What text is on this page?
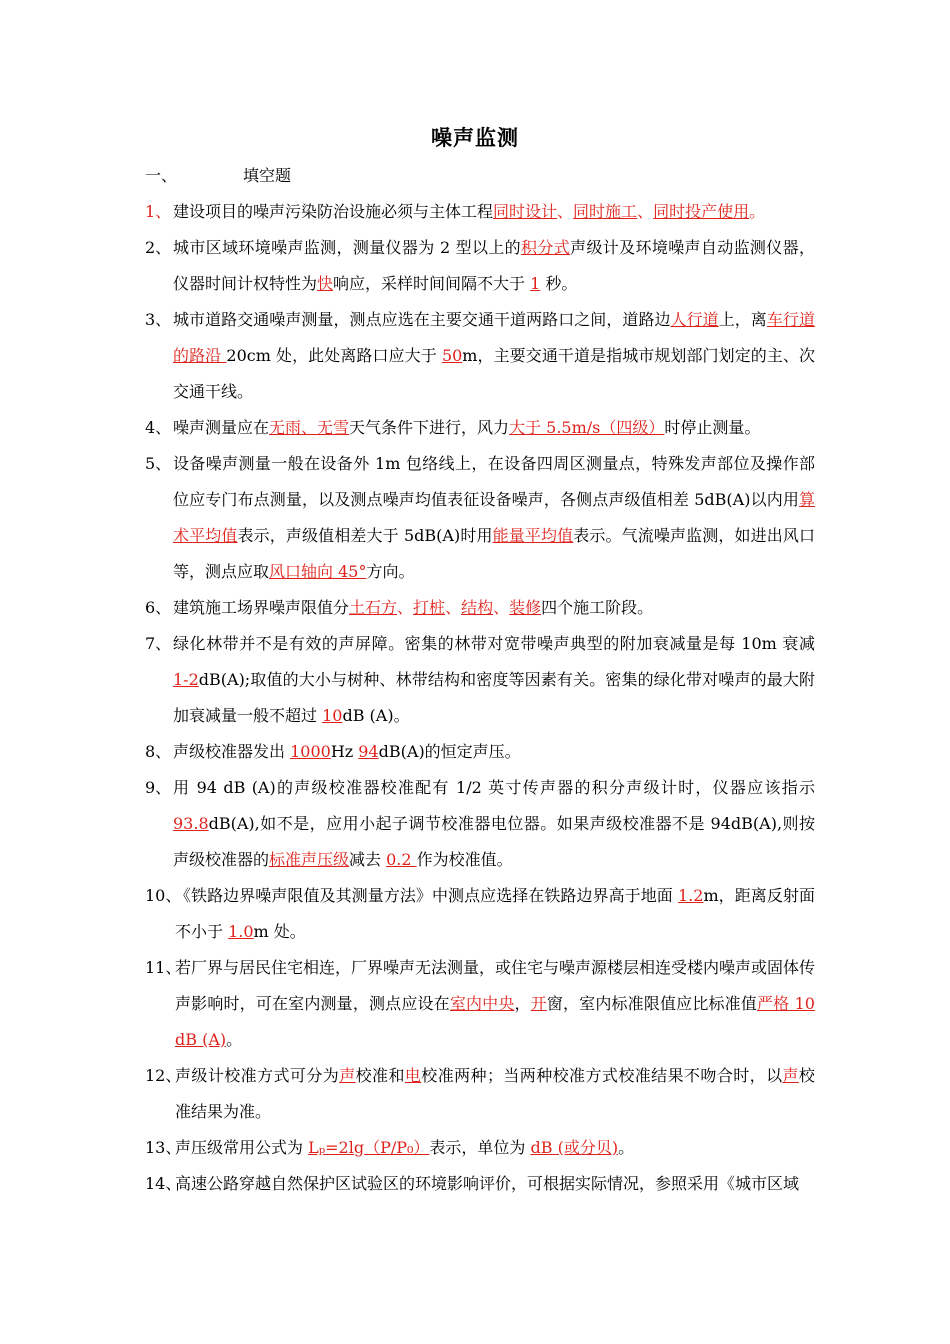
噪声监测
一、	填空题
1、 建设项目的噪声污染防治设施必须与主体工程同时设计、同时施工、同时投产使用。
2、 城市区域环境噪声监测，测量仪器为 2 型以上的积分式声级计及环境噪声自动监测仪器，仪器时间计权特性为快响应，采样时间间隔不大于 1 秒。
3、 城市道路交通噪声测量，测点应选在主要交通干道两路口之间，道路边人行道上，离车行道的路沿 20cm 处，此处离路口应大于 50m，主要交通干道是指城市规划部门划定的主、次交通干线。
4、 噪声测量应在无雨、无雪天气条件下进行，风力大于 5.5m/s（四级）时停止测量。
5、 设备噪声测量一般在设备外 1m 包络线上，在设备四周区测量点，特殊发声部位及操作部位应专门布点测量，以及测点噪声均值表征设备噪声，各侧点声级值相差 5dB(A)以内用算术平均值表示，声级值相差大于 5dB(A)时用能量平均值表示。气流噪声监测，如进出风口等，测点应取风口轴向 45°方向。
6、 建筑施工场界噪声限值分土石方、打桩、结构、装修四个施工阶段。
7、 绿化林带并不是有效的声屏障。密集的林带对宽带噪声典型的附加衰减量是每 10m 衰减 1-2dB(A);取值的大小与树种、林带结构和密度等因素有关。密集的绿化带对噪声的最大附加衰减量一般不超过 10dB (A)。
8、 声级校准器发出 1000Hz 94dB(A)的恒定声压。
9、 用 94 dB (A)的声级校准器校准配有 1/2 英寸传声器的积分声级计时，仪器应该指示 93.8dB(A),如不是，应用小起子调节校准器电位器。如果声级校准器不是 94dB(A),则按声级校准器的标准声压级减去 0.2 作为校准值。
10、
《铁路边界噪声限值及其测量方法》中测点应选择在铁路边界高于地面 1.2m，距离反射面不小于 1.0m 处。
11、
若厂界与居民住宅相连，厂界噪声无法测量，或住宅与噪声源楼层相连受楼内噪声或固体传声影响时，可在室内测量，测点应设在室内中央，开窗，室内标准限值应比标准值严格 10 dB (A)。
12、
声级计校准方式可分为声校准和电校准两种；当两种校准方式校准结果不吻合时，以声校准结果为准。
13、
声压级常用公式为 Lₚ=2lg（P/P₀）表示，单位为 dB (或分贝)。
14、
高速公路穿越自然保护区试验区的环境影响评价，可根据实际情况，参照采用《城市区域
